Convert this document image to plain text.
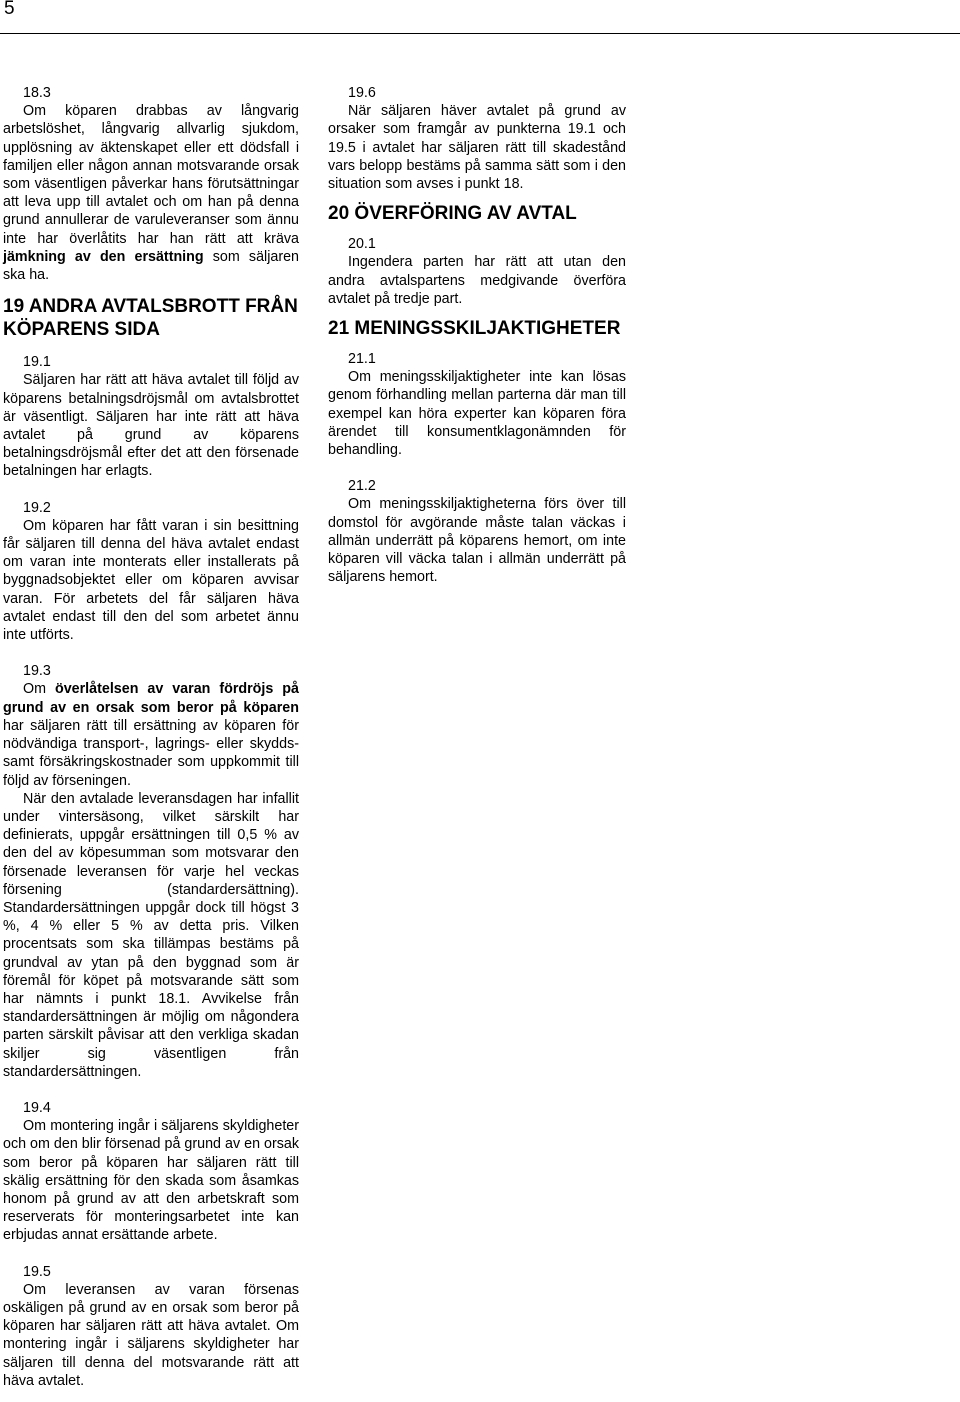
5

18.3

Om köparen drabbas av långvarig arbetslöshet, långvarig allvarlig sjukdom, upplösning av äktenskapet eller ett dödsfall i familjen eller någon annan motsvarande orsak som väsentligen påverkar hans förutsättningar att leva upp till avtalet och om han på denna grund annullerar de varuleveranser som ännu inte har överlåtits har han rätt att kräva jämkning av den ersättning som säljaren ska ha.

19 ANDRA AVTALSBROTT FRÅN KÖPARENS SIDA

19.1

Säljaren har rätt att häva avtalet till följd av köparens betalningsdröjsmål om avtalsbrottet är väsentligt. Säljaren har inte rätt att häva avtalet på grund av köparens betalningsdröjsmål efter det att den försenade betalningen har erlagts.

19.2

Om köparen har fått varan i sin besittning får säljaren till denna del häva avtalet endast om varan inte monterats eller installerats på byggnadsobjektet eller om köparen avvisar varan. För arbetets del får säljaren häva avtalet endast till den del som arbetet ännu inte utförts.

19.3

Om överlåtelsen av varan fördröjs på grund av en orsak som beror på köparen har säljaren rätt till ersättning av köparen för nödvändiga transport-, lagrings- eller skydds- samt försäkringskostnader som uppkommit till följd av förseningen.

När den avtalade leveransdagen har infallit under vintersäsong, vilket särskilt har definierats, uppgår ersättningen till 0,5 % av den del av köpesumman som motsvarar den försenade leveransen för varje hel veckas försening (standardersättning). Standardersättningen uppgår dock till högst 3 %, 4 % eller 5 % av detta pris. Vilken procentsats som ska tillämpas bestäms på grundval av ytan på den byggnad som är föremål för köpet på motsvarande sätt som har nämnts i punkt 18.1. Avvikelse från standardersättningen är möjlig om någondera parten särskilt påvisar att den verkliga skadan skiljer sig väsentligen från standardersättningen.

19.4

Om montering ingår i säljarens skyldigheter och om den blir försenad på grund av en orsak som beror på köparen har säljaren rätt till skälig ersättning för den skada som åsamkas honom på grund av att den arbetskraft som reserverats för monteringsarbetet inte kan erbjudas annat ersättande arbete.

19.5

Om leveransen av varan försenas oskäligen på grund av en orsak som beror på köparen har säljaren rätt att häva avtalet. Om montering ingår i säljarens skyldigheter har säljaren till denna del motsvarande rätt att häva avtalet.

19.6

När säljaren häver avtalet på grund av orsaker som framgår av punkterna 19.1 och 19.5 i avtalet har säljaren rätt till skadestånd vars belopp bestäms på samma sätt som i den situation som avses i punkt 18.

20 ÖVERFÖRING AV AVTAL

20.1

Ingendera parten har rätt att utan den andra avtalspartens medgivande överföra avtalet på tredje part.

21 MENINGSSKILJAKTIGHETER

21.1

Om meningsskiljaktigheter inte kan lösas genom förhandling mellan parterna där man till exempel kan höra experter kan köparen föra ärendet till konsumentklagonämnden för behandling.

21.2

Om meningsskiljaktigheterna förs över till domstol för avgörande måste talan väckas i allmän underrätt på köparens hemort, om inte köparen vill väcka talan i allmän underrätt på säljarens hemort.
